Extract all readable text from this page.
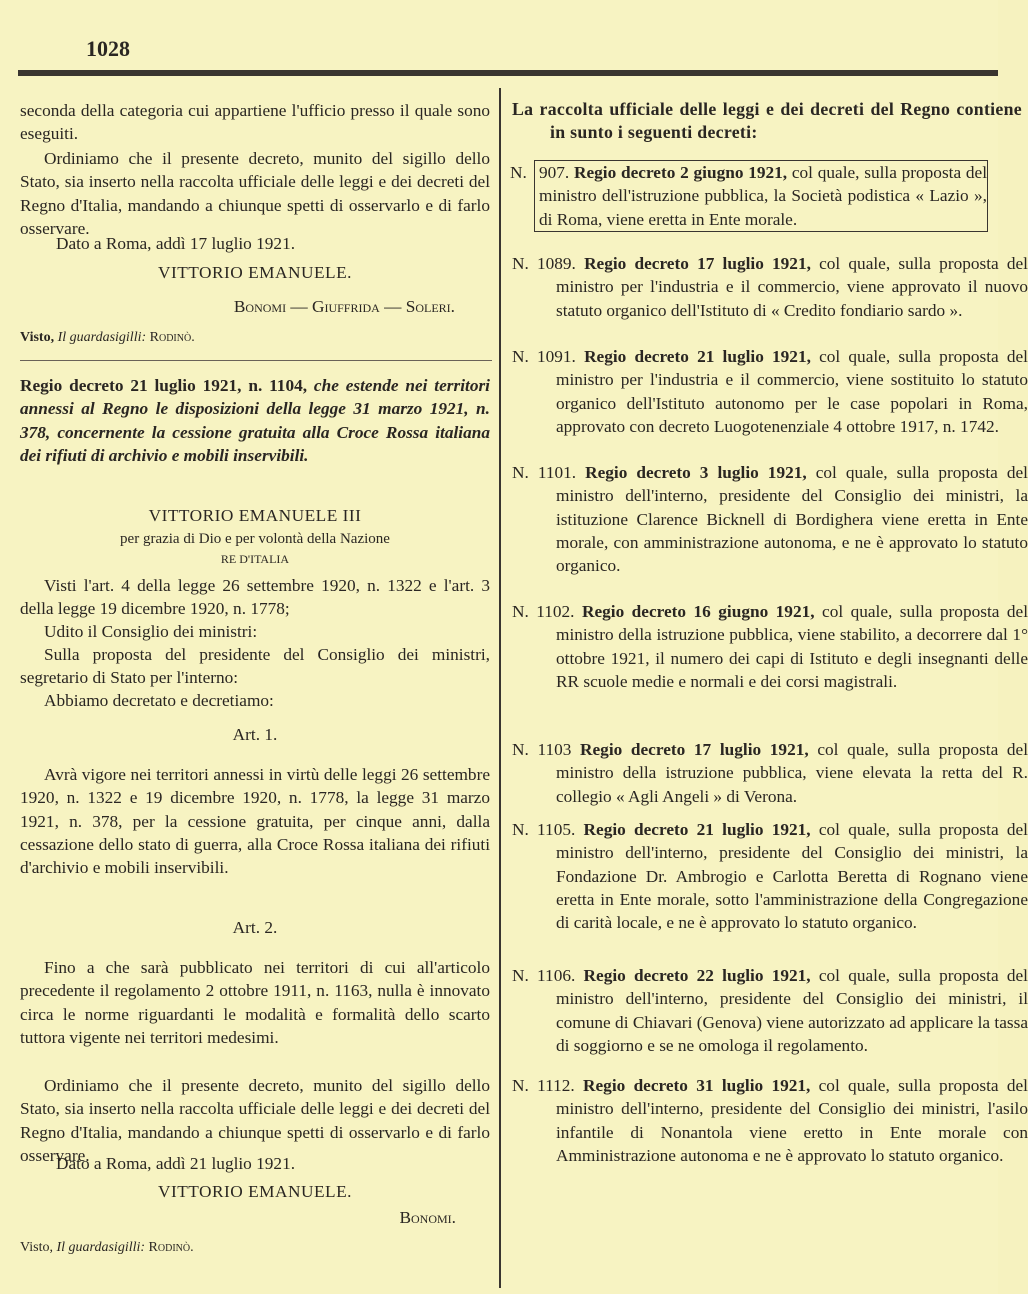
1028
seconda della categoria cui appartiene l'ufficio presso il quale sono eseguiti.
Ordiniamo che il presente decreto, munito del sigillo dello Stato, sia inserto nella raccolta ufficiale delle leggi e dei decreti del Regno d'Italia, mandando a chiunque spetti di osservarlo e di farlo osservare.
Dato a Roma, addì 17 luglio 1921.
VITTORIO EMANUELE.
Bonomi — Giuffrida — Soleri.
Visto, Il guardasigilli: Rodinò.
Regio decreto 21 luglio 1921, n. 1104, che estende nei territori annessi al Regno le disposizioni della legge 31 marzo 1921, n. 378, concernente la cessione gratuita alla Croce Rossa italiana dei rifiuti di archivio e mobili inservibili.
VITTORIO EMANUELE III
per grazia di Dio e per volontà della Nazione
RE D'ITALIA
Visti l'art. 4 della legge 26 settembre 1920, n. 1322 e l'art. 3 della legge 19 dicembre 1920, n. 1778;
Udito il Consiglio dei ministri:
Sulla proposta del presidente del Consiglio dei ministri, segretario di Stato per l'interno:
Abbiamo decretato e decretiamo:
Art. 1.
Avrà vigore nei territori annessi in virtù delle leggi 26 settembre 1920, n. 1322 e 19 dicembre 1920, n. 1778, la legge 31 marzo 1921, n. 378, per la cessione gratuita, per cinque anni, dalla cessazione dello stato di guerra, alla Croce Rossa italiana dei rifiuti d'archivio e mobili inservibili.
Art. 2.
Fino a che sarà pubblicato nei territori di cui all'articolo precedente il regolamento 2 ottobre 1911, n. 1163, nulla è innovato circa le norme riguardanti le modalità e formalità dello scarto tuttora vigente nei territori medesimi.
Ordiniamo che il presente decreto, munito del sigillo dello Stato, sia inserto nella raccolta ufficiale delle leggi e dei decreti del Regno d'Italia, mandando a chiunque spetti di osservarlo e di farlo osservare.
Dato a Roma, addì 21 luglio 1921.
VITTORIO EMANUELE.
Bonomi.
Visto, Il guardasigilli: Rodinò.
La raccolta ufficiale delle leggi e dei decreti del Regno contiene in sunto i seguenti decreti:
N. 907. Regio decreto 2 giugno 1921, col quale, sulla proposta del ministro dell'istruzione pubblica, la Società podistica « Lazio », di Roma, viene eretta in Ente morale.
N. 1089. Regio decreto 17 luglio 1921, col quale, sulla proposta del ministro per l'industria e il commercio, viene approvato il nuovo statuto organico dell'Istituto di « Credito fondiario sardo ».
N. 1091. Regio decreto 21 luglio 1921, col quale, sulla proposta del ministro per l'industria e il commercio, viene sostituito lo statuto organico dell'Istituto autonomo per le case popolari in Roma, approvato con decreto Luogotenenziale 4 ottobre 1917, n. 1742.
N. 1101. Regio decreto 3 luglio 1921, col quale, sulla proposta del ministro dell'interno, presidente del Consiglio dei ministri, la istituzione Clarence Bicknell di Bordighera viene eretta in Ente morale, con amministrazione autonoma, e ne è approvato lo statuto organico.
N. 1102. Regio decreto 16 giugno 1921, col quale, sulla proposta del ministro della istruzione pubblica, viene stabilito, a decorrere dal 1° ottobre 1921, il numero dei capi di Istituto e degli insegnanti delle RR scuole medie e normali e dei corsi magistrali.
N. 1103 Regio decreto 17 luglio 1921, col quale, sulla proposta del ministro della istruzione pubblica, viene elevata la retta del R. collegio « Agli Angeli » di Verona.
N. 1105. Regio decreto 21 luglio 1921, col quale, sulla proposta del ministro dell'interno, presidente del Consiglio dei ministri, la Fondazione Dr. Ambrogio e Carlotta Beretta di Rognano viene eretta in Ente morale, sotto l'amministrazione della Congregazione di carità locale, e ne è approvato lo statuto organico.
N. 1106. Regio decreto 22 luglio 1921, col quale, sulla proposta del ministro dell'interno, presidente del Consiglio dei ministri, il comune di Chiavari (Genova) viene autorizzato ad applicare la tassa di soggiorno e se ne omologa il regolamento.
N. 1112. Regio decreto 31 luglio 1921, col quale, sulla proposta del ministro dell'interno, presidente del Consiglio dei ministri, l'asilo infantile di Nonantola viene eretto in Ente morale con Amministrazione autonoma e ne è approvato lo statuto organico.
